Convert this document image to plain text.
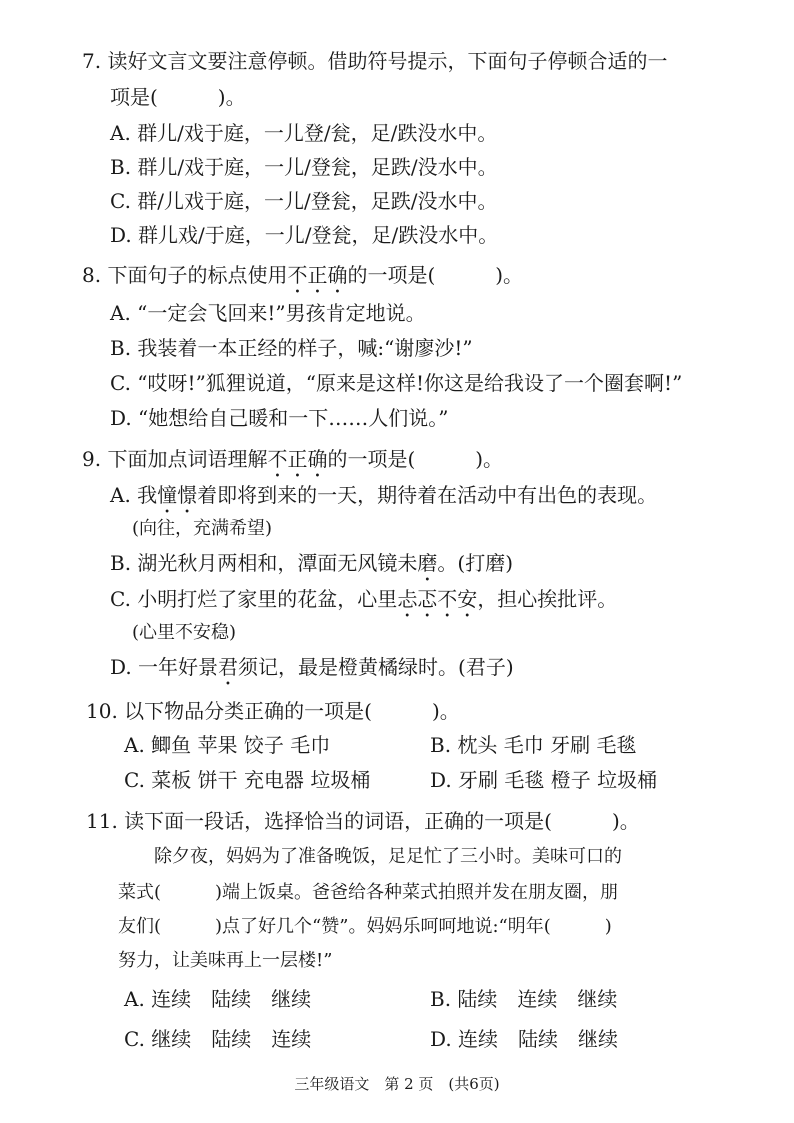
7. 读好文言文要注意停顿。借助符号提示，下面句子停顿合适的一
项是(　　　)。
A. 群儿/戏于庭，一儿登/瓮，足/跌没水中。
B. 群儿/戏于庭，一儿/登瓮，足跌/没水中。
C. 群/儿戏于庭，一儿/登瓮，足跌/没水中。
D. 群儿戏/于庭，一儿/登瓮，足/跌没水中。
8. 下面句子的标点使用不正确的一项是(　　　)。
A. “一定会飞回来!”男孩肯定地说。
B. 我装着一本正经的样子，喊:“谢廖沙!”
C. “哎呀!”狐狸说道，“原来是这样!你这是给我设了一个圈套啊!”
D. “她想给自己暖和一下……人们说。”
9. 下面加点词语理解不正确的一项是(　　　)。
A. 我憧憬着即将到来的一天，期待着在活动中有出色的表现。
(向往，充满希望)
B. 湖光秋月两相和，潭面无风镜未磨。(打磨)
C. 小明打烂了家里的花盆，心里忐忑不安，担心挨批评。
(心里不安稳)
D. 一年好景君须记，最是橙黄橘绿时。(君子)
10. 以下物品分类正确的一项是(　　　)。
A. 鲫鱼 苹果 饺子 毛巾	B. 枕头 毛巾 牙刷 毛毯
C. 菜板 饼干 充电器 垃圾桶	D. 牙刷 毛毯 橙子 垃圾桶
11. 读下面一段话，选择恰当的词语，正确的一项是(　　　)。
除夕夜，妈妈为了准备晚饭，足足忙了三小时。美味可口的
菜式(　　　)端上饭桌。爸爸给各种菜式拍照并发在朋友圈，朋
友们(　　　)点了好几个“赞”。妈妈乐呵呵地说:“明年(　　　)
努力，让美味再上一层楼!”
A. 连续　陆续　继续	B. 陆续　连续　继续
C. 继续　陆续　连续	D. 连续　陆续　继续
三年级语文　第 2 页　(共6页)
